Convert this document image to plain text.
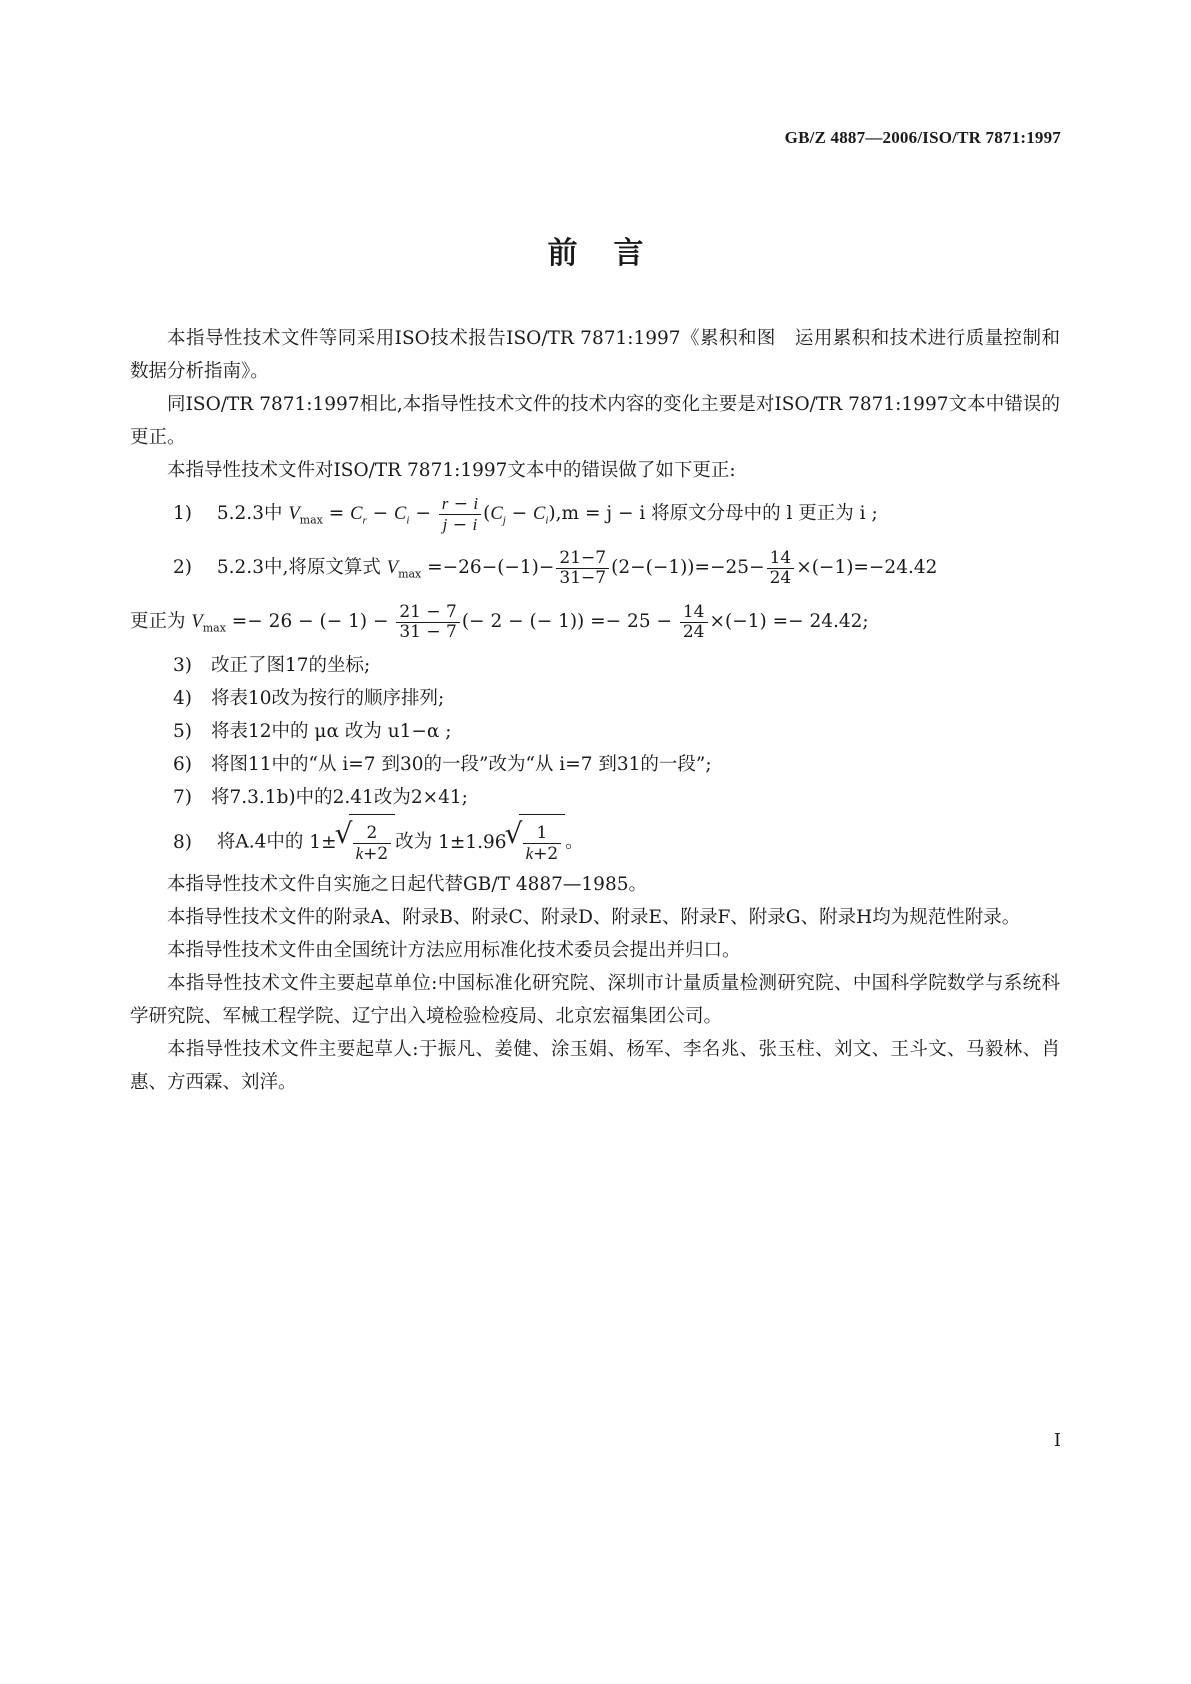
GB/Z 4887—2006/ISO/TR 7871:1997
前言

本指导性技术文件等同采用ISO技术报告ISO/TR 7871:1997《累积和图　运用累积和技术进行质量控制和数据分析指南》。

同ISO/TR 7871:1997相比,本指导性技术文件的技术内容的变化主要是对ISO/TR 7871:1997文本中错误的更正。

本指导性技术文件对ISO/TR 7871:1997文本中的错误做了如下更正:

1) 5.2.3中 $V_{max} = C_r - C_i - \frac{r - i}{j - i} (C_j - C_i),m = j - i$ 将原文分母中的 l 更正为 i ;

2) 5.2.3中,将原文算式 $V_{max} =-26-(-1)- \frac{21-7}{31-7} (2-(-1))=-25- \frac{14}{24} \times(-1)=-24.42$

更正为 $V_{max} =- 26$ − (− $1) - \frac{21 - 7}{31 - 7}$ (− 2 − (− $1)) =- 25 - \frac{14}{24} \times(-1) =- 24.42$;

3) 改正了图17的坐标;

4) 将表10改为按行的顺序排列;

5) 将表12中的 μα 改为 u1−α ;

6) 将图11中的“从 i=7 到30的一段”改为“从 i=7 到31的一段”;

7) 将7.3.1b)中的2.41改为2×41;

8) 将A.4中的 1± √ $\frac{2}{k+2}$ 改为 1±1.96 √ $\frac{1}{k+2}$ 。

本指导性技术文件自实施之日起代替GB/T 4887—1985。

本指导性技术文件的附录A、附录B、附录C、附录D、附录E、附录F、附录G、附录H均为规范性附录。

本指导性技术文件由全国统计方法应用标准化技术委员会提出并归口。

本指导性技术文件主要起草单位:中国标准化研究院、深圳市计量质量检测研究院、中国科学院数学与系统科学研究院、军械工程学院、辽宁出入境检验检疫局、北京宏福集团公司。

本指导性技术文件主要起草人:于振凡、姜健、涂玉娟、杨军、李名兆、张玉柱、刘文、王斗文、马毅林、肖惠、方西霖、刘洋。

I
